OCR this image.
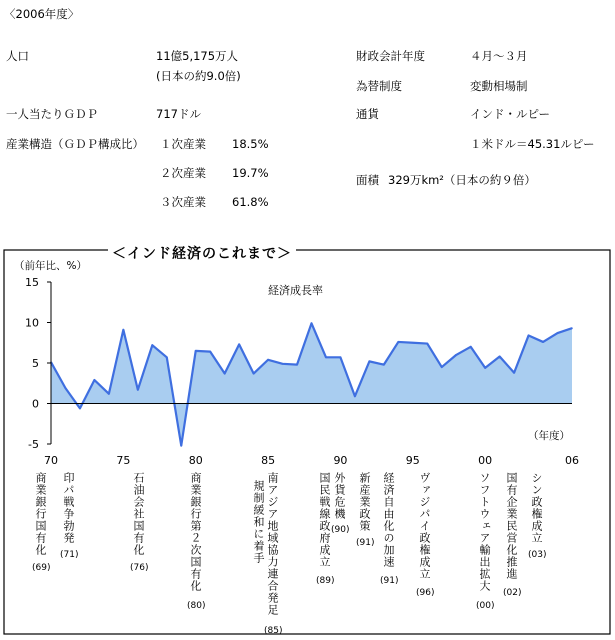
〈2006年度〉
人口	11億5,175万人
(日本の約9.0倍)
一人当たりＧＤＰ	717ドル
産業構造（ＧＤＰ構成比） １次産業 18.5%
２次産業 19.7%
３次産業 61.8%
財政会計年度	４月～３月
為替制度	変動相場制
通貨	インド・ルピー
１米ドル＝45.31ルピー
面積 329万km²（日本の約９倍）
15
10
5
0
-5
70	75	80	85	90	95	00	06
＜インド経済のこれまで＞
（前年比、%）
経済成長率
（年度）
商業銀行国有化
(69)
印パ戦争勃発
(71)	石油会社国有化
(76)	商業銀行第２次国有化
(80)	南アジア地域協力連合発足
(85)
規制緩和に着手	国民戦線政府成立
(89)
外貨危機
(90) 新産業政策
(91) 経済自由化の加速
(91)
ヴァジパイ政権成立
(96)
ソフトウェア輸出拡大
(00)
国有企業民営化推進
(02)
シン政権成立
(03)
